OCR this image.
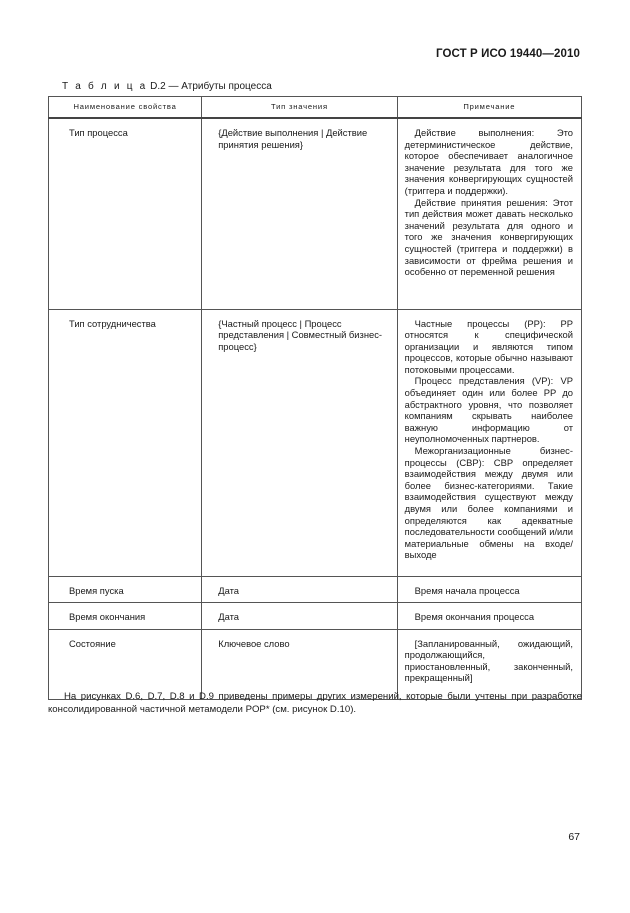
ГОСТ Р ИСО 19440—2010
Т а б л и ц а D.2 — Атрибуты процесса
Наименование свойства	Тип значения	Примечание
Тип процесса	{Действие выполнения | Действие принятия решения}	Действие выполнения: Это детерминистическое действие, которое обеспечивает аналогичное значение результата для того же значения конвергирующих сущностей (триггера и поддержки).

Действие принятия решения: Этот тип действия может давать несколько значений результата для одного и того же значения конвергирующих сущностей (триггера и поддержки) в зависимости от фрейма решения и особенно от переменной решения

Тип сотрудничества	{Частный процесс | Процесс представления | Совместный бизнес-процесс}	Частные процессы (PP): PP относятся к специфической организации и являются типом процессов, которые обычно называют потоковыми процессами.

Процесс представления (VP): VP объединяет один или более PP до абстрактного уровня, что позволяет компаниям скрывать наиболее важную информацию от неуполномоченных партнеров.

Межорганизационные бизнес-процессы (CBP): CBP определяет взаимодействия между двумя или более бизнес-категориями. Такие взаимодействия существуют между двумя или более компаниями и определяются как адекватные последовательности сообщений и/или материальные обмены на входе/выходе

Время пуска	Дата	Время начала процесса

Время окончания	Дата	Время окончания процесса

Состояние	Ключевое слово	[Запланированный, ожидающий, продолжающийся, приостановленный, законченный, прекращенный]

На рисунках D.6, D.7, D.8 и D.9 приведены примеры других измерений, которые были учтены при разработке консолидированной частичной метамодели POP* (см. рисунок D.10).

67
